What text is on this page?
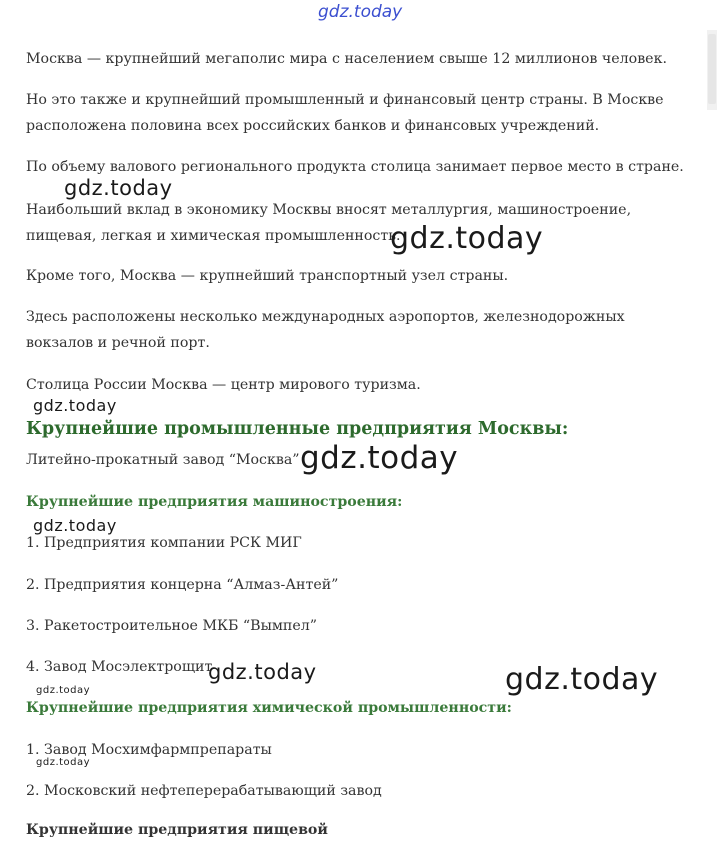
gdz.today

Москва — крупнейший мегаполис мира с населением свыше 12 миллионов человек.

Но это также и крупнейший промышленный и финансовый центр страны. В Москве расположена половина всех российских банков и финансовых учреждений.

По объему валового регионального продукта столица занимает первое место в стране.

gdz.today

Наибольший вклад в экономику Москвы вносят металлургия, машиностроение, пищевая, легкая и химическая промышленность.

gdz.today

Кроме того, Москва — крупнейший транспортный узел страны.

Здесь расположены несколько международных аэропортов, железнодорожных вокзалов и речной порт.

Столица России Москва — центр мирового туризма.

gdz.today
Крупнейшие промышленные предприятия Москвы:

Литейно-прокатный завод “Москва” gdz.today
Крупнейшие предприятия машиностроения:
gdz.today

1. Предприятия компании РСК МИГ

2. Предприятия концерна “Алмаз-Антей”

3. Ракетостроительное МКБ “Вымпел”

4. Завод Мосэлектрощит

gdz.today	gdz.today
gdz.today
Крупнейшие предприятия химической промышленности:

1. Завод Мосхимфармпрепараты

gdz.today

2. Московский нефтеперерабатывающий завод

Крупнейшие предприятия пищевой
